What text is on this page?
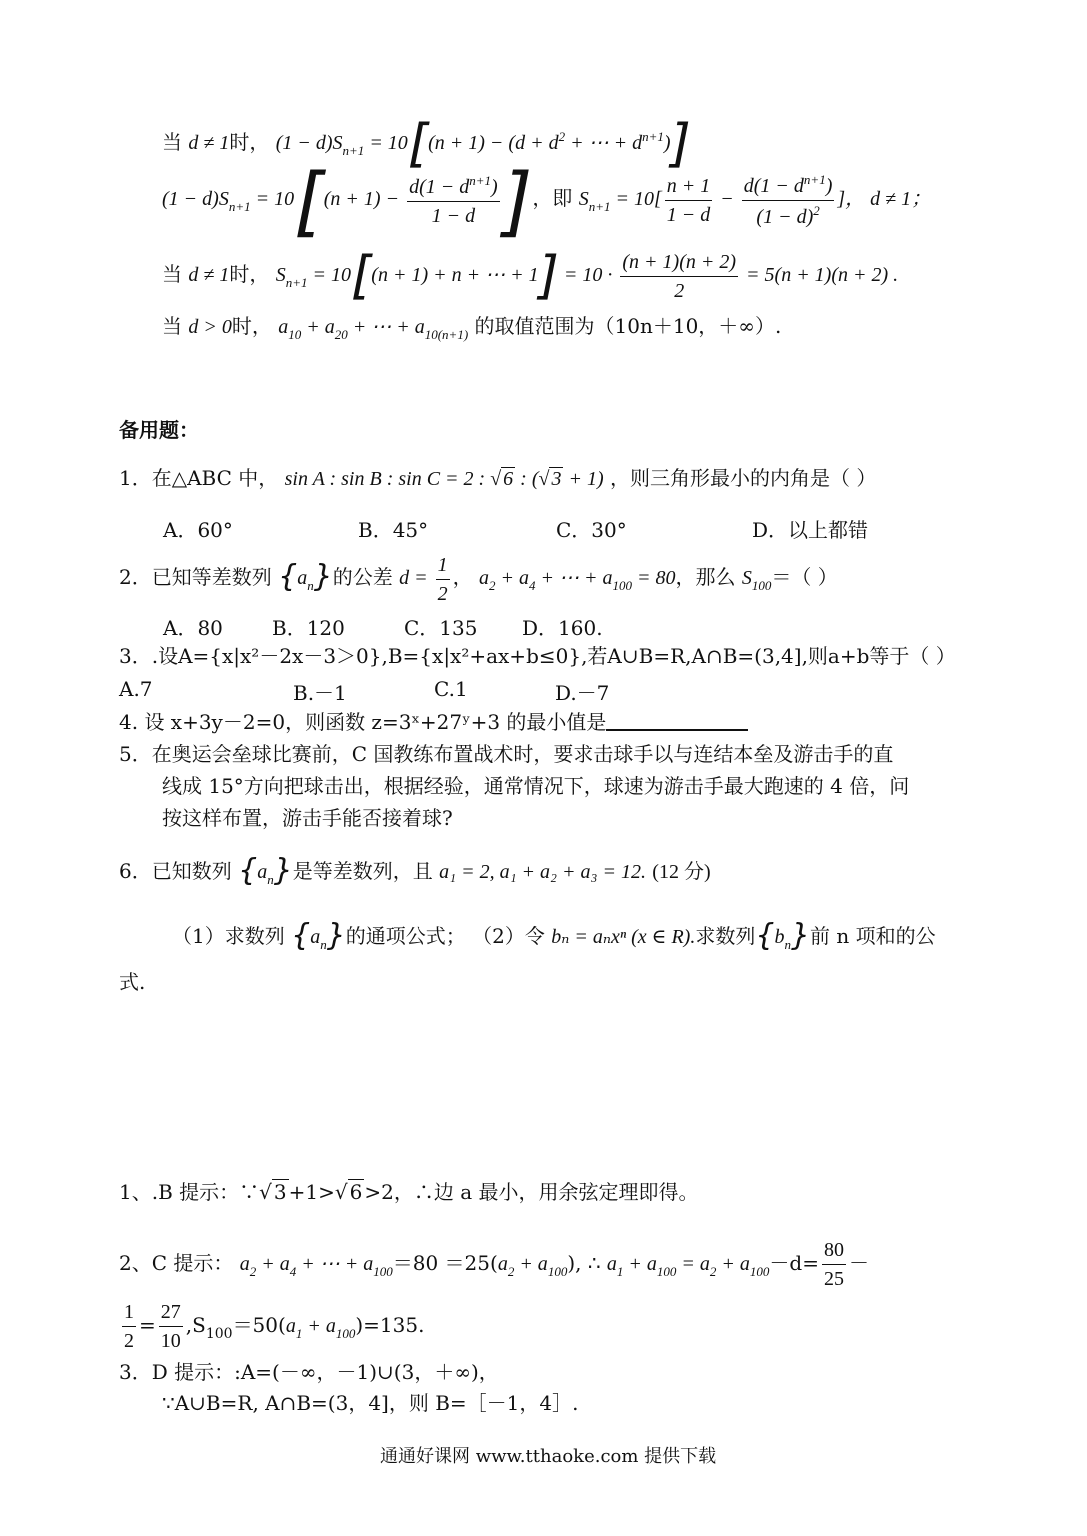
当 d ≠ 1时， $(1 - d)S_{n+1} = 10[(n + 1) - (d + d^2$ + ⋯ + $d^{n+1}$)]
$(1 - d)S_{n+1} = 10[(n + 1) - \frac{d(1 - d^{n+1})}{1 - d}$ ]，即 $S_{n+1} = 10[ \frac{n + 1}{1 - d} - \frac{d(1 - d^{n+1})}{(1 - d)^2}$ ]， d ≠ 1；
当 d ≠ 1时， $S_{n+1} = 10[(n + 1) + n$ + ⋯ + $1] = 10 \cdot \frac{(n + 1)(n + 2)}{2} = 5(n + 1)(n + 2)$ .
当 d > 0时， $a_{10} + a_{20}$ + ⋯ + $a_{10(n+1)}$ 的取值范围为（10n＋10，＋∞）.
备用题：
1．在△ABC 中， sin A : sin B : sin C = 2 : √ 6 : (√ 3 + 1) ，则三角形最小的内角是（ ）
A．60°	B．45°	C．30°	D．以上都错
2．已知等差数列 $\{a_n\}$的公差 $d = \frac{1}{2}$ ， $a_2 + a_4$ + ⋯ + $a_{100} = 80$，那么 $S_{100}=$（ ）
A．80 B．120	C．135 D．160.
3．.设A={x|x²－2x－3＞0},B={x|x²+ax+b≤0},若A∪B=R,A∩B=(3,4],则a+b等于（ ）
A.7	B.－1	C.1	D.－7
4. 设 x+3y－2=0，则函数 z=3ˣ+27ʸ+3 的最小值是
5．在奥运会垒球比赛前，C 国教练布置战术时，要求击球手以与连结本垒及游击手的直
线成 15°方向把球击出，根据经验，通常情况下，球速为游击手最大跑速的 4 倍，问
按这样布置，游击手能否接着球?
6．已知数列 $\{a_n\}$是等差数列，且 a₁ = 2, a₁ + a₂ + a₃ = 12. (12 分)
（1）求数列 $\{a_n\}$的通项公式； （2）令 bₙ = aₙxⁿ (x ∈ R).求数列$\{b_n\}$前 n 项和的公
式.
1、.B 提示：∵√ 3 +1>√ 6 >2，∴边 a 最小，用余弦定理即得。
2、C 提示： $a_2 + a_4$ + ⋯ + $a_{100}=80 =25(a_2 + a_{100})$, ∴ $a_1 + a_{100} = a_2 + a_{100}-d= \frac{80}{25}$ －
$\frac{1}{2} = \frac{27}{10} ,S_{100}=50(a_1 + a_{100})=135$.
3．D 提示：:A=(－∞，－1)∪(3，＋∞)，
∵A∪B=R, A∩B=(3，4]，则 B=［－1，4］.
通通好课网 www.tthaoke.com 提供下载
